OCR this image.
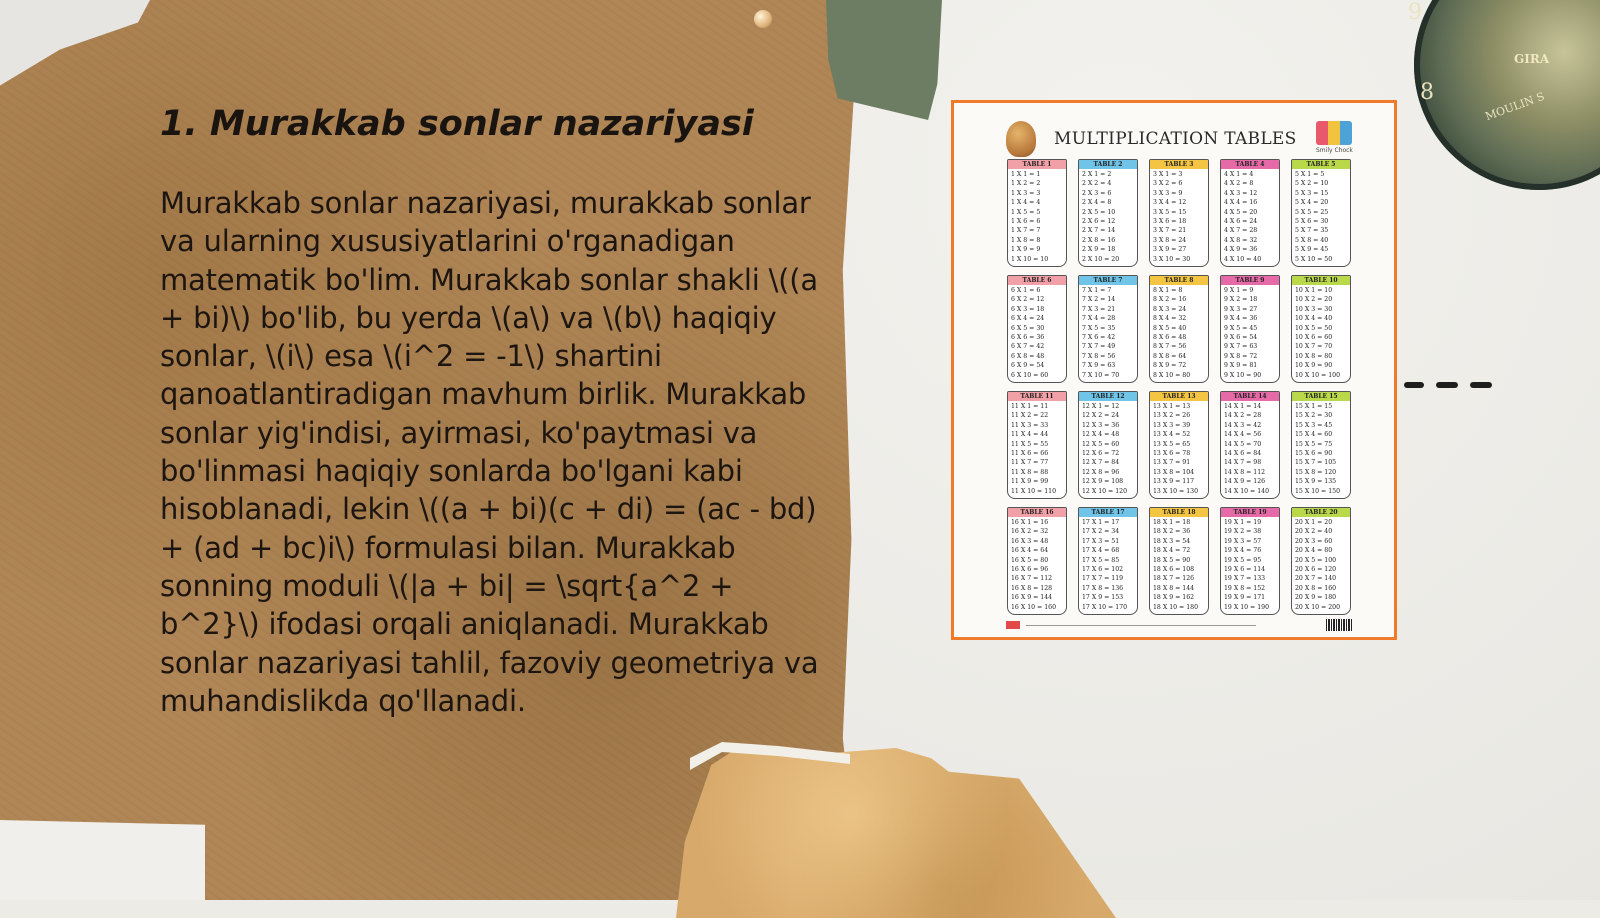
9
8
GIRA
MOULIN S
1. Murakkab sonlar nazariyasi

Murakkab sonlar nazariyasi, murakkab sonlar va ularning xususiyatlarini o'rganadigan matematik bo'lim. Murakkab sonlar shakli \((a + bi)\) bo'lib, bu yerda \(a\) va \(b\) haqiqiy sonlar, \(i\) esa \(i^2 = -1\) shartini qanoatlantiradigan mavhum birlik. Murakkab sonlar yig'indisi, ayirmasi, ko'paytmasi va bo'linmasi haqiqiy sonlarda bo'lgani kabi hisoblanadi, lekin \((a + bi)(c + di) = (ac - bd) + (ad + bc)i\) formulasi bilan. Murakkab sonning moduli \(|a + bi| = \sqrt{a^2 + b^2}\) ifodasi orqali aniqlanadi. Murakkab sonlar nazariyasi tahlil, fazoviy geometriya va muhandislikda qo'llanadi.

MULTIPLICATION TABLES
Smily Chock
TABLE 1
1 X 1 = 1
1 X 2 = 2
1 X 3 = 3
1 X 4 = 4
1 X 5 = 5
1 X 6 = 6
1 X 7 = 7
1 X 8 = 8
1 X 9 = 9
1 X 10 = 10
TABLE 2
2 X 1 = 2
2 X 2 = 4
2 X 3 = 6
2 X 4 = 8
2 X 5 = 10
2 X 6 = 12
2 X 7 = 14
2 X 8 = 16
2 X 9 = 18
2 X 10 = 20
TABLE 3
3 X 1 = 3
3 X 2 = 6
3 X 3 = 9
3 X 4 = 12
3 X 5 = 15
3 X 6 = 18
3 X 7 = 21
3 X 8 = 24
3 X 9 = 27
3 X 10 = 30
TABLE 4
4 X 1 = 4
4 X 2 = 8
4 X 3 = 12
4 X 4 = 16
4 X 5 = 20
4 X 6 = 24
4 X 7 = 28
4 X 8 = 32
4 X 9 = 36
4 X 10 = 40
TABLE 5
5 X 1 = 5
5 X 2 = 10
5 X 3 = 15
5 X 4 = 20
5 X 5 = 25
5 X 6 = 30
5 X 7 = 35
5 X 8 = 40
5 X 9 = 45
5 X 10 = 50
TABLE 6
6 X 1 = 6
6 X 2 = 12
6 X 3 = 18
6 X 4 = 24
6 X 5 = 30
6 X 6 = 36
6 X 7 = 42
6 X 8 = 48
6 X 9 = 54
6 X 10 = 60
TABLE 7
7 X 1 = 7
7 X 2 = 14
7 X 3 = 21
7 X 4 = 28
7 X 5 = 35
7 X 6 = 42
7 X 7 = 49
7 X 8 = 56
7 X 9 = 63
7 X 10 = 70
TABLE 8
8 X 1 = 8
8 X 2 = 16
8 X 3 = 24
8 X 4 = 32
8 X 5 = 40
8 X 6 = 48
8 X 7 = 56
8 X 8 = 64
8 X 9 = 72
8 X 10 = 80
TABLE 9
9 X 1 = 9
9 X 2 = 18
9 X 3 = 27
9 X 4 = 36
9 X 5 = 45
9 X 6 = 54
9 X 7 = 63
9 X 8 = 72
9 X 9 = 81
9 X 10 = 90
TABLE 10
10 X 1 = 10
10 X 2 = 20
10 X 3 = 30
10 X 4 = 40
10 X 5 = 50
10 X 6 = 60
10 X 7 = 70
10 X 8 = 80
10 X 9 = 90
10 X 10 = 100
TABLE 11
11 X 1 = 11
11 X 2 = 22
11 X 3 = 33
11 X 4 = 44
11 X 5 = 55
11 X 6 = 66
11 X 7 = 77
11 X 8 = 88
11 X 9 = 99
11 X 10 = 110
TABLE 12
12 X 1 = 12
12 X 2 = 24
12 X 3 = 36
12 X 4 = 48
12 X 5 = 60
12 X 6 = 72
12 X 7 = 84
12 X 8 = 96
12 X 9 = 108
12 X 10 = 120
TABLE 13
13 X 1 = 13
13 X 2 = 26
13 X 3 = 39
13 X 4 = 52
13 X 5 = 65
13 X 6 = 78
13 X 7 = 91
13 X 8 = 104
13 X 9 = 117
13 X 10 = 130
TABLE 14
14 X 1 = 14
14 X 2 = 28
14 X 3 = 42
14 X 4 = 56
14 X 5 = 70
14 X 6 = 84
14 X 7 = 98
14 X 8 = 112
14 X 9 = 126
14 X 10 = 140
TABLE 15
15 X 1 = 15
15 X 2 = 30
15 X 3 = 45
15 X 4 = 60
15 X 5 = 75
15 X 6 = 90
15 X 7 = 105
15 X 8 = 120
15 X 9 = 135
15 X 10 = 150
TABLE 16
16 X 1 = 16
16 X 2 = 32
16 X 3 = 48
16 X 4 = 64
16 X 5 = 80
16 X 6 = 96
16 X 7 = 112
16 X 8 = 128
16 X 9 = 144
16 X 10 = 160
TABLE 17
17 X 1 = 17
17 X 2 = 34
17 X 3 = 51
17 X 4 = 68
17 X 5 = 85
17 X 6 = 102
17 X 7 = 119
17 X 8 = 136
17 X 9 = 153
17 X 10 = 170
TABLE 18
18 X 1 = 18
18 X 2 = 36
18 X 3 = 54
18 X 4 = 72
18 X 5 = 90
18 X 6 = 108
18 X 7 = 126
18 X 8 = 144
18 X 9 = 162
18 X 10 = 180
TABLE 19
19 X 1 = 19
19 X 2 = 38
19 X 3 = 57
19 X 4 = 76
19 X 5 = 95
19 X 6 = 114
19 X 7 = 133
19 X 8 = 152
19 X 9 = 171
19 X 10 = 190
TABLE 20
20 X 1 = 20
20 X 2 = 40
20 X 3 = 60
20 X 4 = 80
20 X 5 = 100
20 X 6 = 120
20 X 7 = 140
20 X 8 = 160
20 X 9 = 180
20 X 10 = 200
